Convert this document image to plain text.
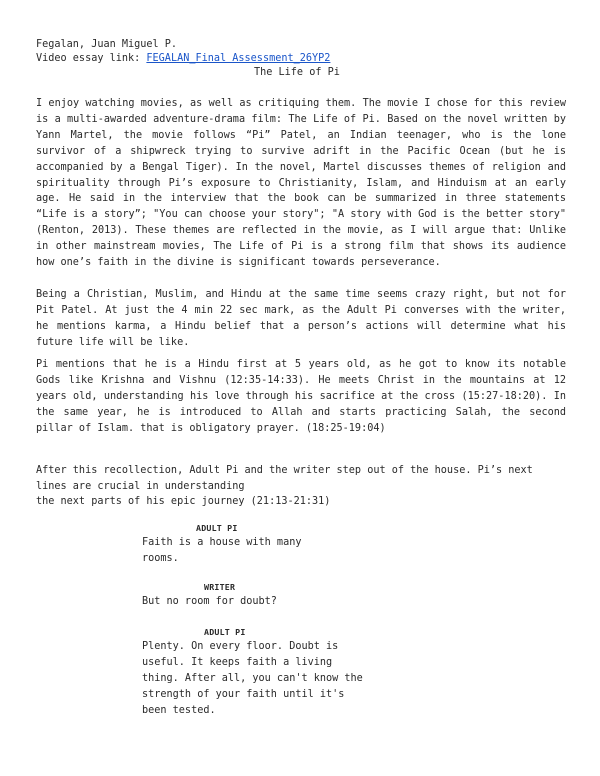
Fegalan, Juan Miguel P.
Video essay link: FEGALAN_Final Assessment_26YP2
The Life of Pi

I enjoy watching movies, as well as critiquing them. The movie I chose for this review is a multi-awarded adventure-drama film: The Life of Pi. Based on the novel written by Yann Martel, the movie follows “Pi” Patel, an Indian teenager, who is the lone survivor of a shipwreck trying to survive adrift in the Pacific Ocean (but he is accompanied by a Bengal Tiger). In the novel, Martel discusses themes of religion and spirituality through Pi’s exposure to Christianity, Islam, and Hinduism at an early age. He said in the interview that the book can be summarized in three statements “Life is a story”; "You can choose your story"; "A story with God is the better story" (Renton, 2013). These themes are reflected in the movie, as I will argue that: Unlike in other mainstream movies, The Life of Pi is a strong film that shows its audience how one’s faith in the divine is significant towards perseverance.

Being a Christian, Muslim, and Hindu at the same time seems crazy right, but not for Pit Patel. At just the 4 min 22 sec mark, as the Adult Pi converses with the writer, he mentions karma, a Hindu belief that a person’s actions will determine what his future life will be like.

Pi mentions that he is a Hindu first at 5 years old, as he got to know its notable Gods like Krishna and Vishnu (12:35-14:33). He meets Christ in the mountains at 12 years old, understanding his love through his sacrifice at the cross (15:27-18:20). In the same year, he is introduced to Allah and starts practicing Salah, the second pillar of Islam. that is obligatory prayer. (18:25-19:04)

After this recollection, Adult Pi and the writer step out of the house. Pi’s next lines are crucial in understanding

the next parts of his epic journey (21:13-21:31)

ADULT PI

Faith is a house with many rooms.

WRITER

But no room for doubt?

ADULT PI

Plenty. On every floor. Doubt is useful. It keeps faith a living thing. After all, you can't know the strength of your faith until it's been tested.
